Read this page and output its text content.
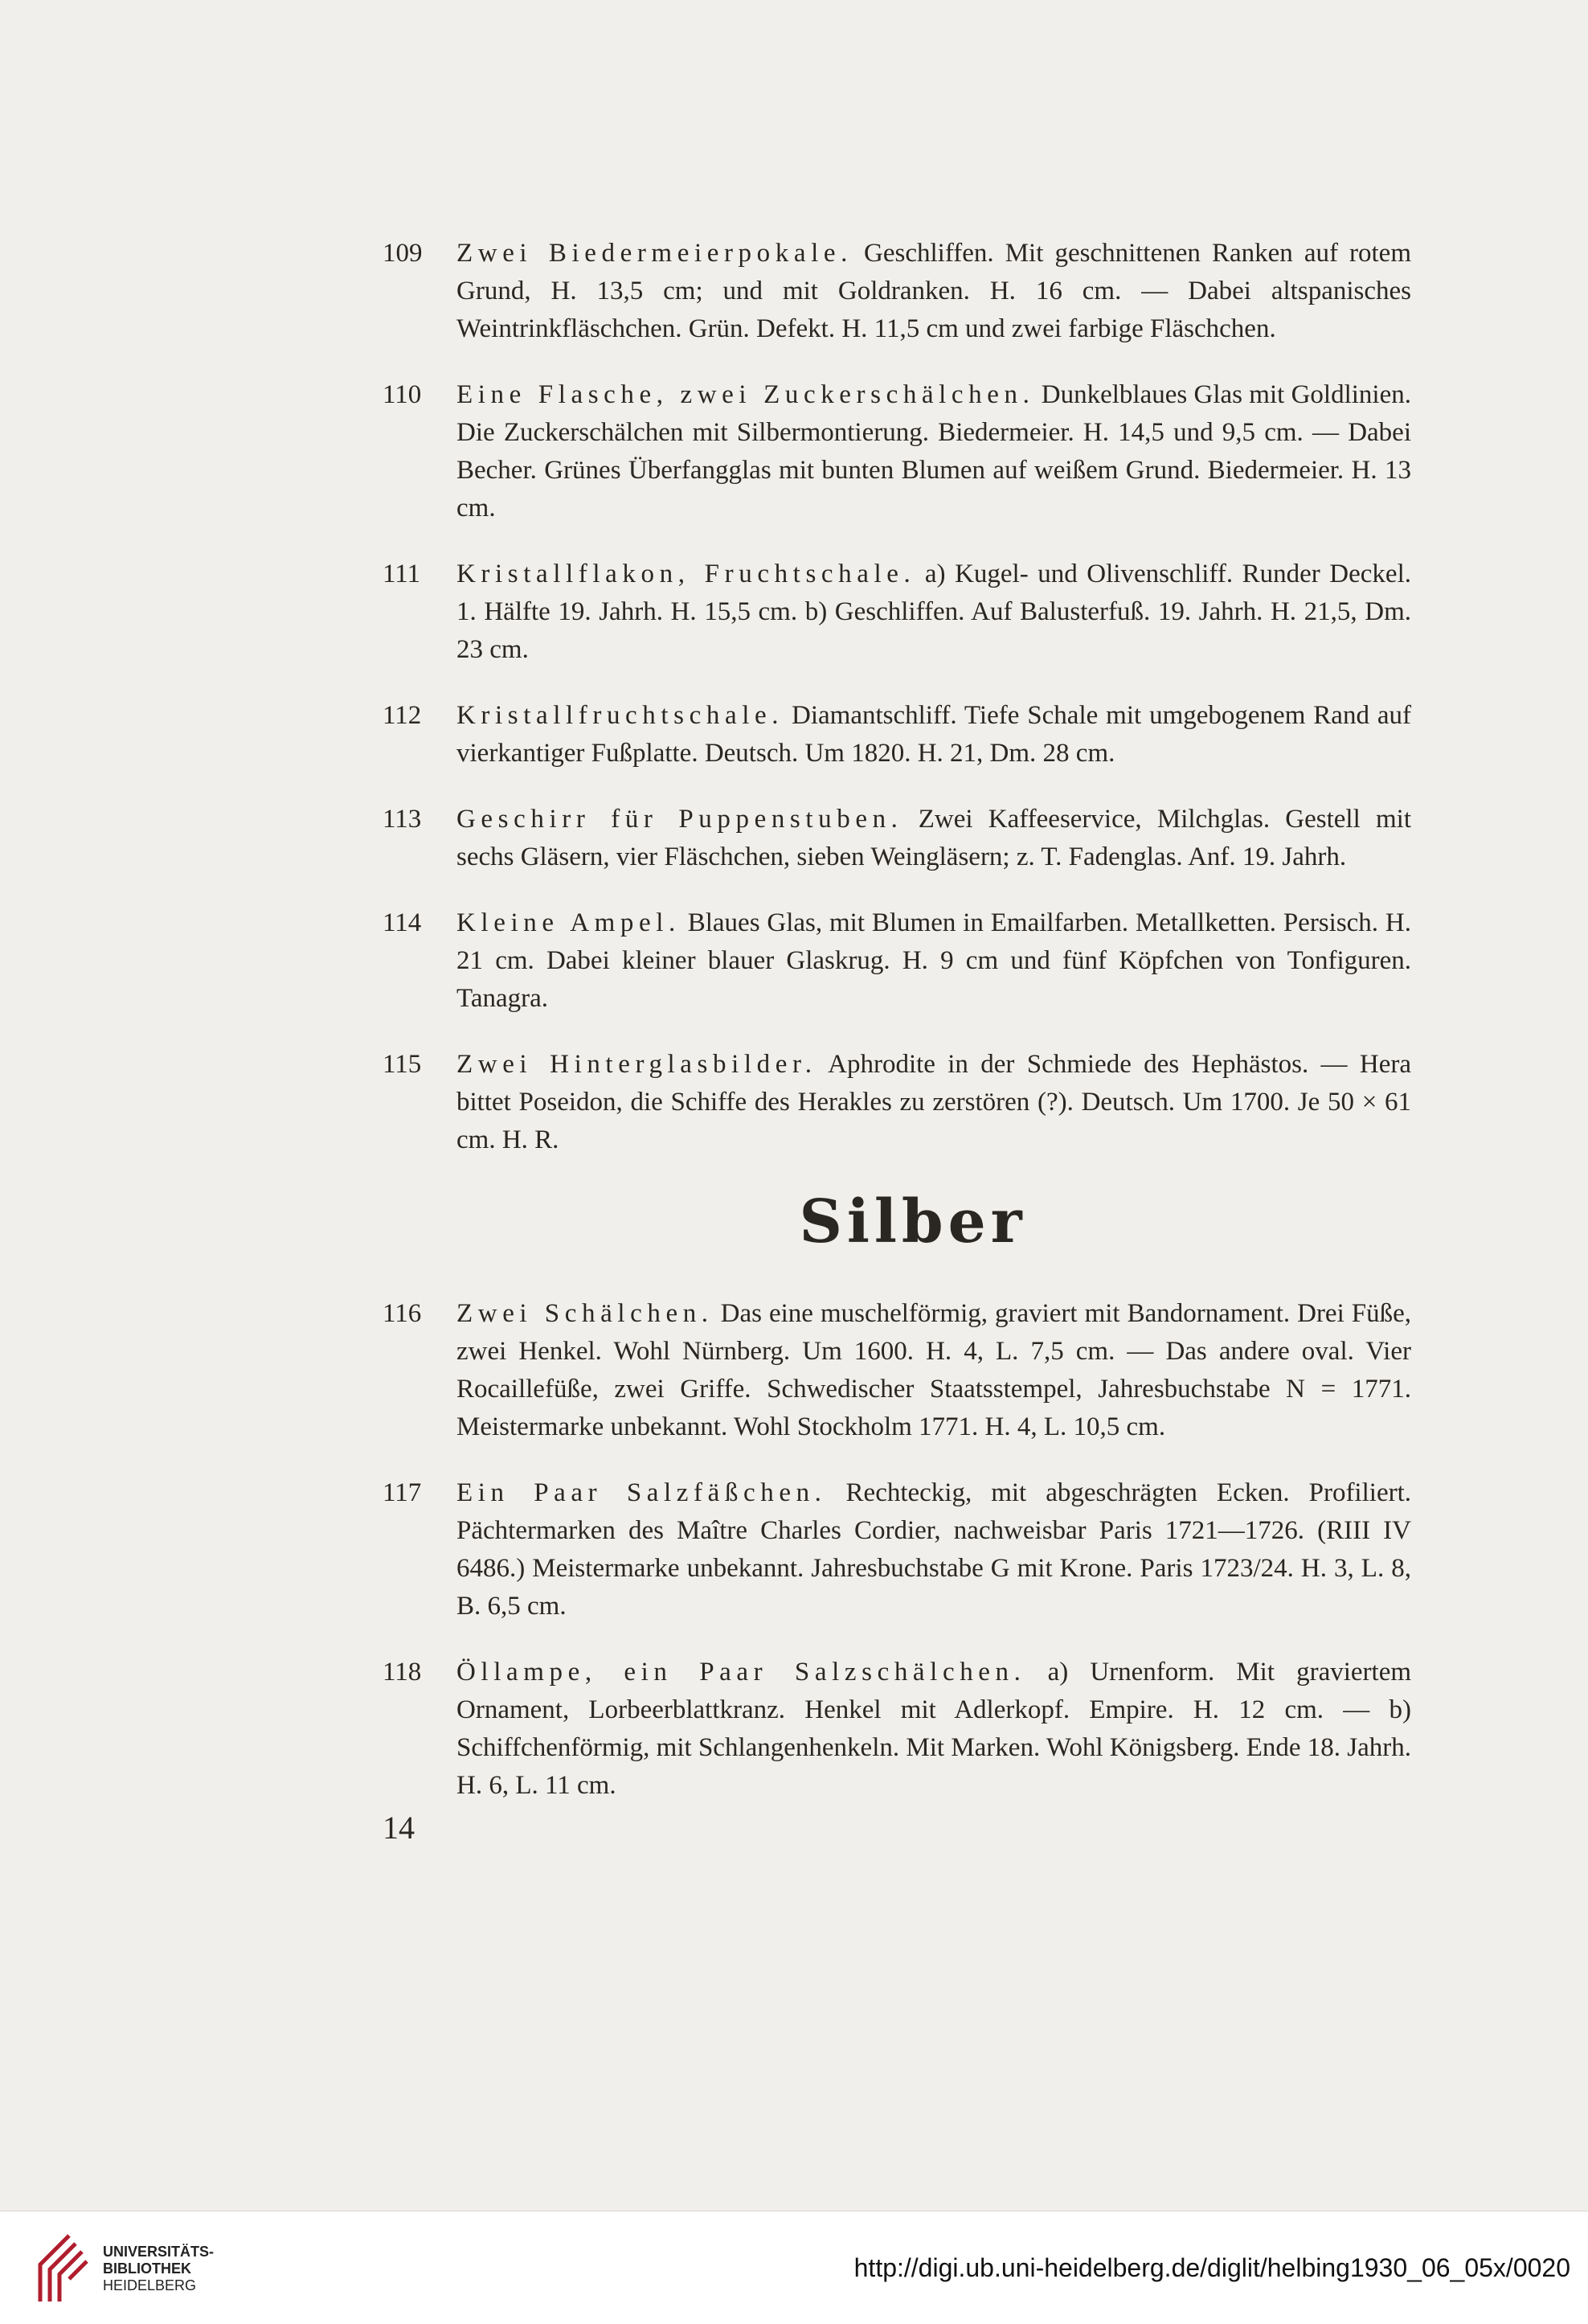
109 Zwei Biedermeierpokale. Geschliffen. Mit geschnittenen Ranken auf rotem Grund, H. 13,5 cm; und mit Goldranken. H. 16 cm. — Dabei altspanisches Weintrinkfläschchen. Grün. Defekt. H. 11,5 cm und zwei farbige Fläschchen.
110 Eine Flasche, zwei Zuckerschälchen. Dunkelblaues Glas mit Goldlinien. Die Zuckerschälchen mit Silbermontierung. Biedermeier. H. 14,5 und 9,5 cm. — Dabei Becher. Grünes Überfangglas mit bunten Blumen auf weißem Grund. Biedermeier. H. 13 cm.
111 Kristallflakon, Fruchtschale. a) Kugel- und Olivenschliff. Runder Deckel. 1. Hälfte 19. Jahrh. H. 15,5 cm. b) Geschliffen. Auf Balusterfuß. 19. Jahrh. H. 21,5, Dm. 23 cm.
112 Kristallfruchtschale. Diamantschliff. Tiefe Schale mit umgebogenem Rand auf vierkantiger Fußplatte. Deutsch. Um 1820. H. 21, Dm. 28 cm.
113 Geschirr für Puppenstuben. Zwei Kaffeeservice, Milchglas. Gestell mit sechs Gläsern, vier Fläschchen, sieben Weingläsern; z. T. Fadenglas. Anf. 19. Jahrh.
114 Kleine Ampel. Blaues Glas, mit Blumen in Emailfarben. Metallketten. Persisch. H. 21 cm. Dabei kleiner blauer Glaskrug. H. 9 cm und fünf Köpfchen von Tonfiguren. Tanagra.
115 Zwei Hinterglasbilder. Aphrodite in der Schmiede des Hephästos. — Hera bittet Poseidon, die Schiffe des Herakles zu zerstören (?). Deutsch. Um 1700. Je 50 × 61 cm. H. R.
Silber
116 Zwei Schälchen. Das eine muschelförmig, graviert mit Bandornament. Drei Füße, zwei Henkel. Wohl Nürnberg. Um 1600. H. 4, L. 7,5 cm. — Das andere oval. Vier Rocaillefüße, zwei Griffe. Schwedischer Staatsstempel, Jahresbuchstabe N = 1771. Meistermarke unbekannt. Wohl Stockholm 1771. H. 4, L. 10,5 cm.
117 Ein Paar Salzfäßchen. Rechteckig, mit abgeschrägten Ecken. Profiliert. Pächtermarken des Maître Charles Cordier, nachweisbar Paris 1721—1726. (RIII IV 6486.) Meistermarke unbekannt. Jahresbuchstabe G mit Krone. Paris 1723/24. H. 3, L. 8, B. 6,5 cm.
118 Öllampe, ein Paar Salzschälchen. a) Urnenform. Mit graviertem Ornament, Lorbeerblattkranz. Henkel mit Adlerkopf. Empire. H. 12 cm. — b) Schiffchenförmig, mit Schlangenhenkeln. Mit Marken. Wohl Königsberg. Ende 18. Jahrh. H. 6, L. 11 cm.
14
UNIVERSITÄTS-
BIBLIOTHEK
HEIDELBERG
http://digi.ub.uni-heidelberg.de/diglit/helbing1930_06_05x/0020
